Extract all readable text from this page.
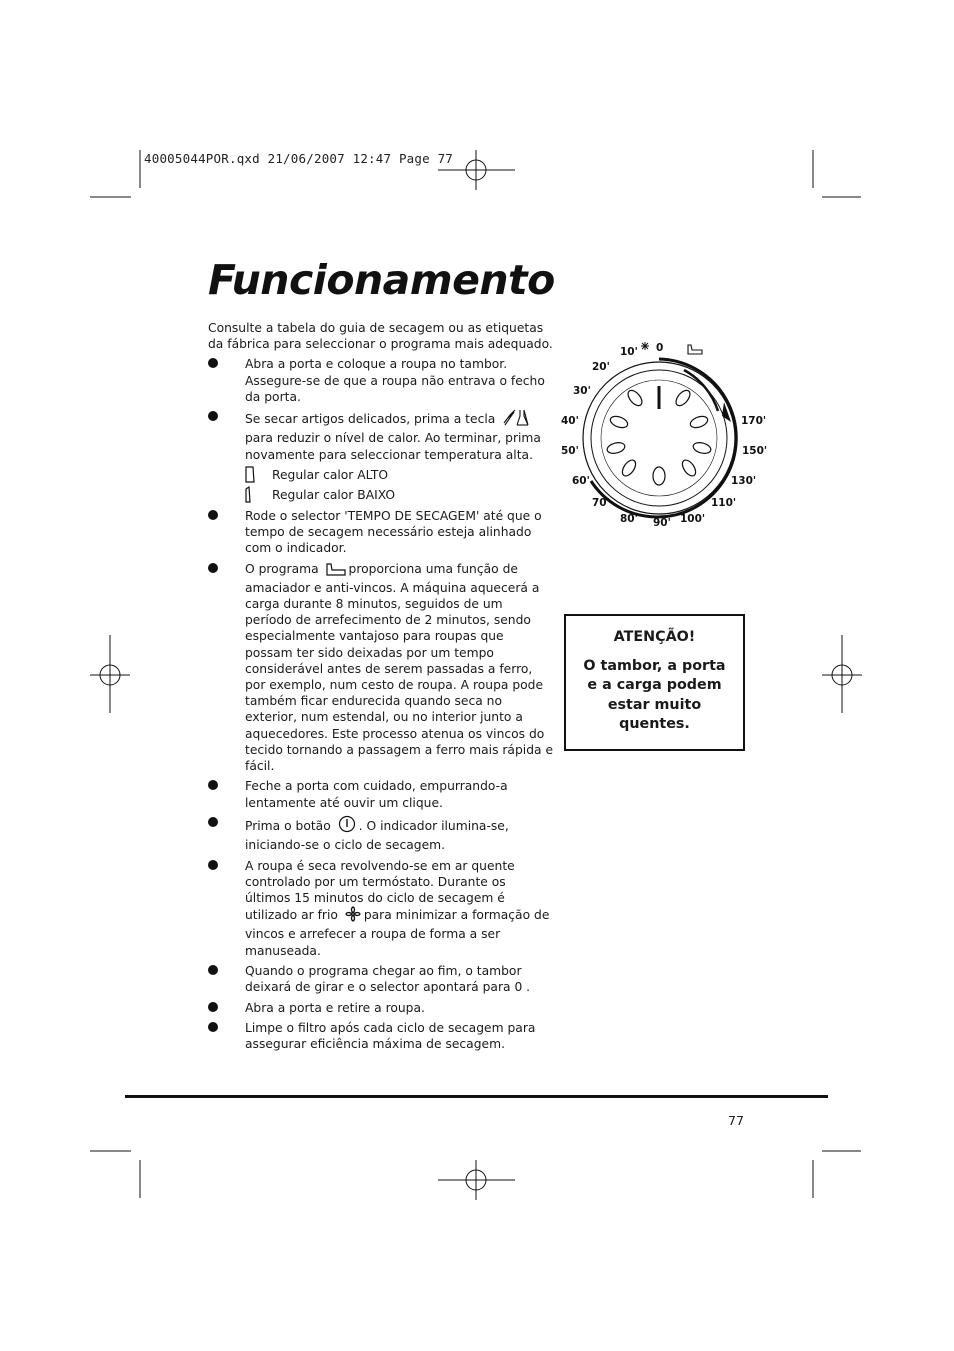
40005044POR.qxd 21/06/2007 12:47 Page 77
Funcionamento

Consulte a tabela do guia de secagem ou as etiquetas da fábrica para seleccionar o programa mais adequado.

Abra a porta e coloque a roupa no tambor. Assegure-se de que a roupa não entrava o fecho da porta.
Se secar artigos delicados, prima a tecla para reduzir o nível de calor. Ao terminar, prima novamente para seleccionar temperatura alta.
Regular calor ALTO
Regular calor BAIXO
Rode o selector 'TEMPO DE SECAGEM' até que o tempo de secagem necessário esteja alinhado com o indicador.
O programa proporciona uma função de amaciador e anti-vincos. A máquina aquecerá a carga durante 8 minutos, seguidos de um período de arrefecimento de 2 minutos, sendo especialmente vantajoso para roupas que possam ter sido deixadas por um tempo considerável antes de serem passadas a ferro, por exemplo, num cesto de roupa. A roupa pode também ficar endurecida quando seca no exterior, num estendal, ou no interior junto a aquecedores. Este processo atenua os vincos do tecido tornando a passagem a ferro mais rápida e fácil.
Feche a porta com cuidado, empurrando-a lentamente até ouvir um clique.
Prima o botão . O indicador ilumina-se, iniciando-se o ciclo de secagem.
A roupa é seca revolvendo-se em ar quente controlado por um termóstato. Durante os últimos 15 minutos do ciclo de secagem é utilizado ar frio para minimizar a formação de vincos e arrefecer a roupa de forma a ser manuseada.
Quando o programa chegar ao fim, o tambor deixará de girar e o selector apontará para 0 .
Abra a porta e retire a roupa.
Limpe o filtro após cada ciclo de secagem para assegurar eficiência máxima de secagem.
0
10'
20'
30'
40'
50'
60'
70'
80' 90' 100'
110'
130'
150'
170'
ATENÇÃO!
O tambor, a porta e a carga podem estar muito quentes.
77
